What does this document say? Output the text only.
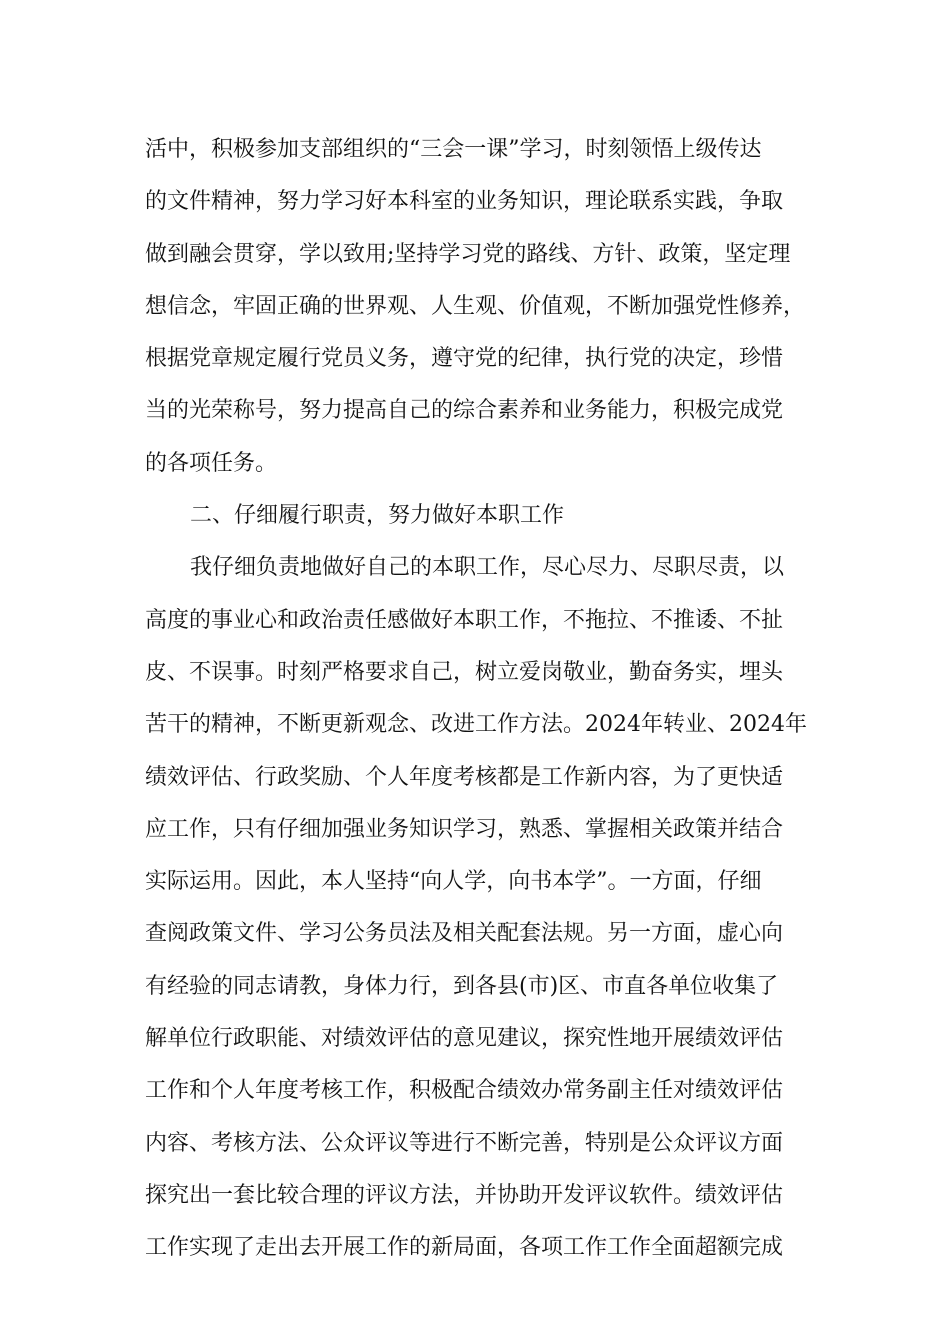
活中，积极参加支部组织的“三会一课”学习，时刻领悟上级传达
的文件精神，努力学习好本科室的业务知识，理论联系实践，争取
做到融会贯穿，学以致用;坚持学习党的路线、方针、政策，坚定理
想信念，牢固正确的世界观、人生观、价值观，不断加强党性修养，
根据党章规定履行党员义务，遵守党的纪律，执行党的决定，珍惜
当的光荣称号，努力提高自己的综合素养和业务能力，积极完成党
的各项任务。
二、仔细履行职责，努力做好本职工作
我仔细负责地做好自己的本职工作，尽心尽力、尽职尽责，以
高度的事业心和政治责任感做好本职工作，不拖拉、不推诿、不扯
皮、不误事。时刻严格要求自己，树立爱岗敬业，勤奋务实，埋头
苦干的精神，不断更新观念、改进工作方法。2024年转业、2024年
绩效评估、行政奖励、个人年度考核都是工作新内容，为了更快适
应工作，只有仔细加强业务知识学习，熟悉、掌握相关政策并结合
实际运用。因此，本人坚持“向人学，向书本学”。一方面，仔细
查阅政策文件、学习公务员法及相关配套法规。另一方面，虚心向
有经验的同志请教，身体力行，到各县(市)区、市直各单位收集了
解单位行政职能、对绩效评估的意见建议，探究性地开展绩效评估
工作和个人年度考核工作，积极配合绩效办常务副主任对绩效评估
内容、考核方法、公众评议等进行不断完善，特别是公众评议方面
探究出一套比较合理的评议方法，并协助开发评议软件。绩效评估
工作实现了走出去开展工作的新局面，各项工作工作全面超额完成
